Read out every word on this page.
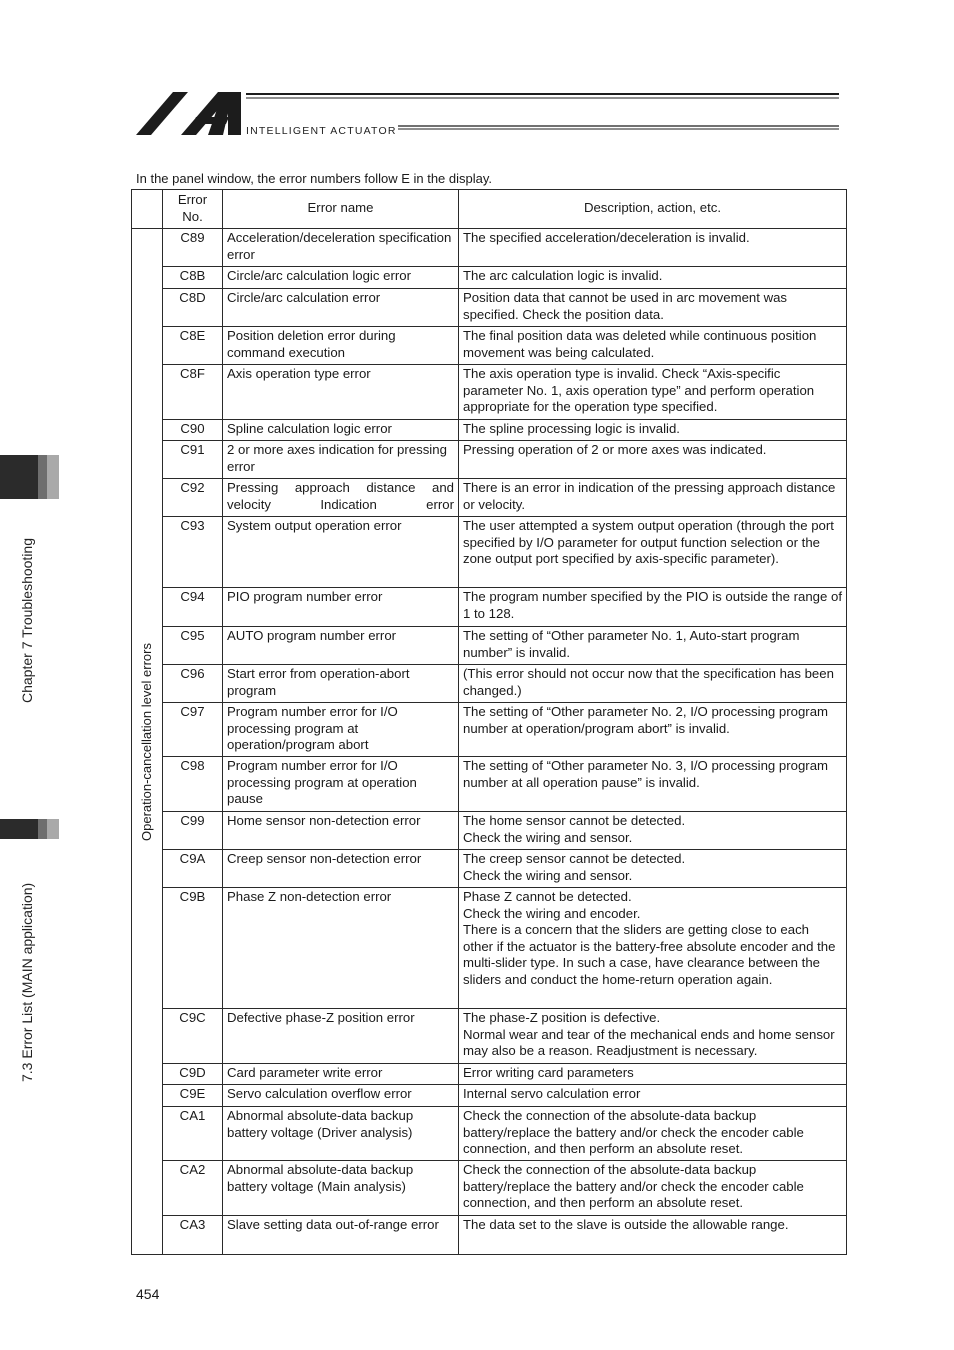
INTELLIGENT ACTUATOR
Chapter 7 Troubleshooting
7.3 Error List (MAIN application)
In the panel window, the error numbers follow E in the display.
	Error
No.	Error name	Description, action, etc.

Operation-cancellation level errors	C89	Acceleration/deceleration specification error	The specified acceleration/deceleration is invalid.
	C8B	Circle/arc calculation logic error	The arc calculation logic is invalid.
	C8D	Circle/arc calculation error	Position data that cannot be used in arc movement was specified. Check the position data.
	C8E	Position deletion error during command execution	The final position data was deleted while continuous position movement was being calculated.
	C8F	Axis operation type error	The axis operation type is invalid. Check “Axis-specific parameter No. 1, axis operation type” and perform operation appropriate for the operation type specified.
	C90	Spline calculation logic error	The spline processing logic is invalid.
	C91	2 or more axes indication for pressing error	Pressing operation of 2 or more axes was indicated.
	C92	Pressing approach distance and velocity Indication error	There is an error in indication of the pressing approach distance or velocity.
	C93	System output operation error	The user attempted a system output operation (through the port specified by I/O parameter for output function selection or the zone output port specified by axis-specific parameter).
	C94	PIO program number error	The program number specified by the PIO is outside the range of 1 to 128.
	C95	AUTO program number error	The setting of “Other parameter No. 1, Auto-start program number” is invalid.
	C96	Start error from operation-abort program	(This error should not occur now that the specification has been changed.)
	C97	Program number error for I/O processing program at operation/program abort	The setting of “Other parameter No. 2, I/O processing program number at operation/program abort” is invalid.
	C98	Program number error for I/O processing program at operation pause	The setting of “Other parameter No. 3, I/O processing program number at all operation pause” is invalid.
	C99	Home sensor non-detection error	The home sensor cannot be detected.
Check the wiring and sensor.
	C9A	Creep sensor non-detection error	The creep sensor cannot be detected.
Check the wiring and sensor.
	C9B	Phase Z non-detection error	Phase Z cannot be detected.
Check the wiring and encoder.
There is a concern that the sliders are getting close to each other if the actuator is the battery-free absolute encoder and the multi-slider type. In such a case, have clearance between the sliders and conduct the home-return operation again.
	C9C	Defective phase-Z position error	The phase-Z position is defective.
Normal wear and tear of the mechanical ends and home sensor may also be a reason. Readjustment is necessary.
	C9D	Card parameter write error	Error writing card parameters
	C9E	Servo calculation overflow error	Internal servo calculation error
	CA1	Abnormal absolute-data backup battery voltage (Driver analysis)	Check the connection of the absolute-data backup battery/replace the battery and/or check the encoder cable connection, and then perform an absolute reset.
	CA2	Abnormal absolute-data backup battery voltage (Main analysis)	Check the connection of the absolute-data backup battery/replace the battery and/or check the encoder cable connection, and then perform an absolute reset.
	CA3	Slave setting data out-of-range error	The data set to the slave is outside the allowable range.
454
